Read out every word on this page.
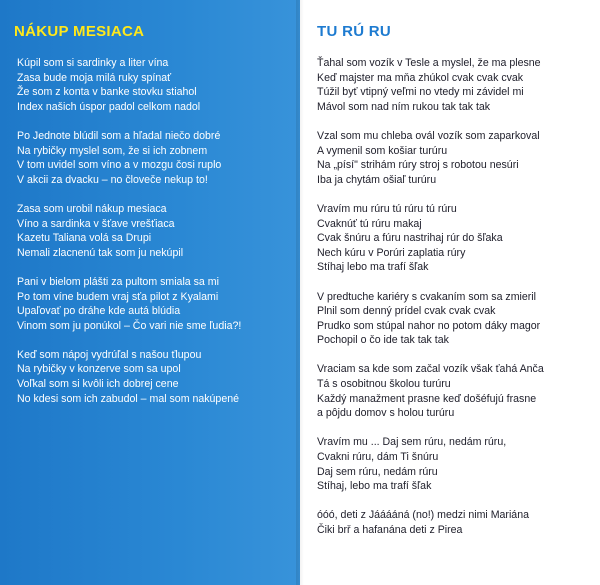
NÁKUP MESIACA
Kúpil som si sardinky a liter vína
Zasa bude moja milá ruky spínať
Že som z konta v banke stovku stiahol
Index našich úspor padol celkom nadol
Po Jednote blúdil som a hľadal niečo dobré
Na rybičky myslel som, že si ich zobnem
V tom uvidel som víno a v mozgu čosi ruplo
V akcii za dvacku – no človeče nekup to!
Zasa som urobil nákup mesiaca
Víno a sardinka v šťave vrešťiaca
Kazetu Taliana volá sa Drupi
Nemali zlacnenú tak som ju nekúpil
Pani v bielom plášti za pultom smiala sa mi
Po tom víne budem vraj sťa pilot z Kyalami
Upaľovať po dráhe kde autá blúdia
Vinom som ju ponúkol – Čo vari nie sme ľudia?!
Keď som nápoj vydrúľal s našou ťlupou
Na rybičky v konzerve som sa upol
Voľkal som si kvôli ich dobrej cene
No kdesi som ich zabudol – mal som nakúpené
TU RÚ RU
Ťahal som vozík v Tesle a myslel, že ma plesne
Keď majster ma mňa zhúkol cvak cvak cvak
Túžil byť vtipný veľmi no vtedy mi závidel mi
Mávol som nad ním rukou tak tak tak
Vzal som mu chleba ovál vozík som zaparkoval
A vymenil som košiar turúru
Na „písí" strihám rúry stroj s robotou nesúri
Iba ja chytám ošiaľ turúru
Vravím mu rúru tú rúru tú rúru
Cvaknúť tú rúru makaj
Cvak šnúru a fúru nastrihaj rúr do šľaka
Nech kúru v Porúri zaplatia rúry
Stíhaj lebo ma trafí šľak
V predtuche kariéry s cvakaním som sa zmieril
Plnil som denný prídel cvak cvak cvak
Prudko som stúpal nahor no potom dáky magor
Pochopil o čo ide tak tak tak
Vraciam sa kde som začal vozík však ťahá Anča
Tá s osobitnou školou turúru
Každý manažment prasne keď došéfujú frasne
a pôjdu domov s holou turúru
Vravím mu ... Daj sem rúru, nedám rúru,
Cvakni rúru, dám Ti šnúru
Daj sem rúru, nedám rúru
Stíhaj, lebo ma trafí šľak
óóó, deti z Jááááná (no!) medzi nimi Mariána
Čiki brř a hafanána deti z Pirea
